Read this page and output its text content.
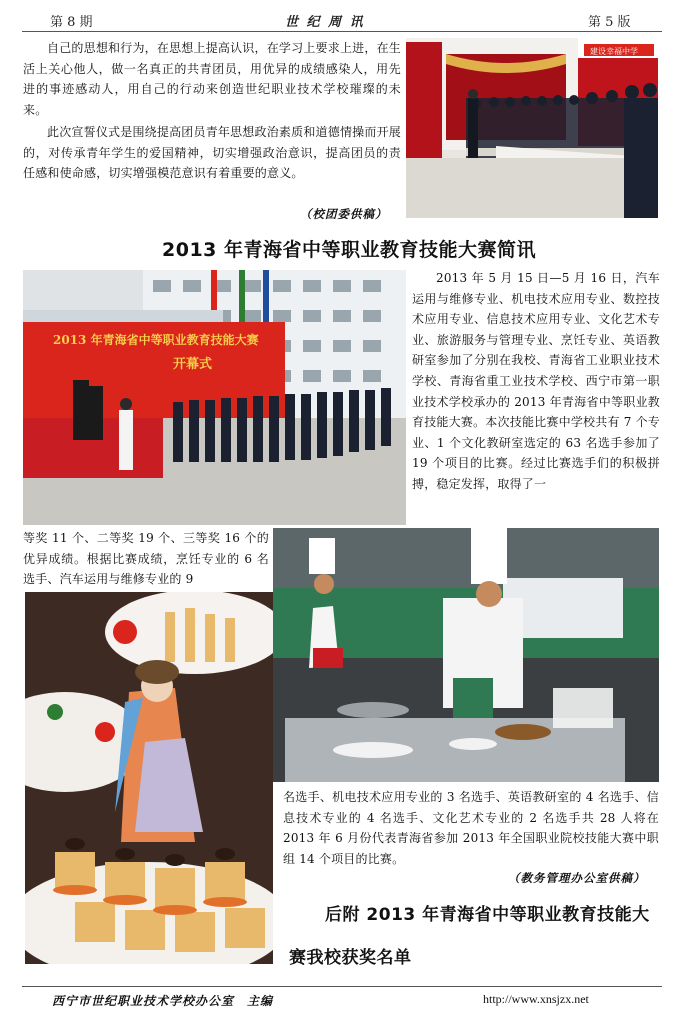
第 8 期	世 纪 周 讯	第 5 版
自己的思想和行为，在思想上提高认识，在学习上要求上进，在生活上关心他人，做一名真正的共青团员，用优异的成绩感染人，用先进的事迹感动人，用自己的行动来创造世纪职业技术学校璀璨的未来。
此次宣誓仪式是围绕提高团员青年思想政治素质和道德情操而开展的，对传承青年学生的爱国精神，切实增强政治意识，提高团员的责任感和使命感，切实增强模范意识有着重要的意义。
（校团委供稿）
建设幸福中学
2013 年青海省中等职业教育技能大赛简讯
2013 年青海省中等职业教育技能大赛
开幕式
2013 年 5 月 15 日—5 月 16 日，汽车运用与维修专业、机电技术应用专业、数控技术应用专业、信息技术应用专业、文化艺术专业、旅游服务与管理专业、烹饪专业、英语教研室参加了分别在我校、青海省工业职业技术学校、青海省重工业技术学校、西宁市第一职业技术学校承办的 2013 年青海省中等职业教育技能大赛。本次技能比赛中学校共有 7 个专业、1 个文化教研室选定的 63 名选手参加了 19 个项目的比赛。经过比赛选手们的积极拼搏，稳定发挥，取得了一
等奖 11 个、二等奖 19 个、三等奖 16 个的优异成绩。根据比赛成绩，烹饪专业的 6 名选手、汽车运用与维修专业的 9
名选手、机电技术应用专业的 3 名选手、英语教研室的 4 名选手、信息技术专业的 4 名选手、文化艺术专业的 2 名选手共 28 人将在 2013 年 6 月份代表青海省参加 2013 年全国职业院校技能大赛中职组 14 个项目的比赛。
（教务管理办公室供稿）
后附 2013 年青海省中等职业教育技能大
赛我校获奖名单
西宁市世纪职业技术学校办公室　主编	http://www.xnsjzx.net
